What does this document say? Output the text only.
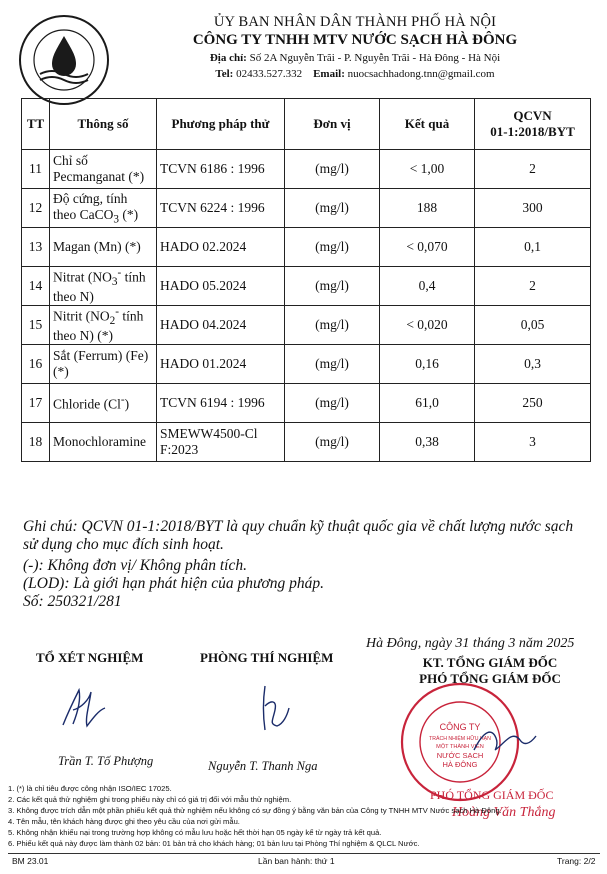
ỦY BAN NHÂN DÂN THÀNH PHỐ HÀ NỘI
CÔNG TY TNHH MTV NƯỚC SẠCH HÀ ĐÔNG
Địa chỉ: Số 2A Nguyễn Trãi - P. Nguyễn Trãi - Hà Đông - Hà Nội
Tel: 02433.527.332 Email: nuocsachhadong.tnn@gmail.com
TT	Thông số	Phương pháp thử	Đơn vị	Kết quả	QCVN
01-1:2018/BYT

11	Chỉ số Pecmanganat (*)	TCVN 6186 : 1996	(mg/l)	< 1,00	2
12	Độ cứng, tính theo CaCO$_3$ (*)	TCVN 6224 : 1996	(mg/l)	188	300
13	Magan (Mn) (*)	HADO 02.2024	(mg/l)	< 0,070	0,1
14	Nitrat ($NO_3^-$ tính theo N)	HADO 05.2024	(mg/l)	0,4	2
15	Nitrit ($NO_2^-$ tính theo N) (*)	HADO 04.2024	(mg/l)	< 0,020	0,05
16	Sắt (Ferrum) (Fe) (*)	HADO 01.2024	(mg/l)	0,16	0,3
17	Chloride (Cl-)	TCVN 6194 : 1996	(mg/l)	61,0	250
18	Monochloramine	SMEWW4500-Cl F:2023	(mg/l)	0,38	3
Ghi chú: QCVN 01-1:2018/BYT là quy chuẩn kỹ thuật quốc gia về chất lượng nước sạch sử dụng cho mục đích sinh hoạt.
(-): Không đơn vị/ Không phân tích.
(LOD): Là giới hạn phát hiện của phương pháp.
Số: 250321/281
Hà Đông, ngày 31 tháng 3 năm 2025
TỔ XÉT NGHIỆM	PHÒNG THÍ NGHIỆM	KT. TỔNG GIÁM ĐỐC
PHÓ TỔNG GIÁM ĐỐC
Trần T. Tố Phượng	Nguyễn T. Thanh Nga
CÔNG TY
TRÁCH NHIỆM HỮU HẠN
MỘT THÀNH VIÊN
NƯỚC SẠCH
HÀ ĐÔNG
PHÓ TỔNG GIÁM ĐỐC
Hoàng Văn Thắng
1. (*) là chỉ tiêu được công nhận ISO/IEC 17025.
2. Các kết quả thử nghiệm ghi trong phiếu này chỉ có giá trị đối với mẫu thử nghiệm.
3. Không được trích dẫn một phần phiếu kết quả thử nghiệm nếu không có sự đồng ý bằng văn bản của Công ty TNHH MTV Nước sạch Hà Đông.
4. Tên mẫu, tên khách hàng được ghi theo yêu cầu của nơi gửi mẫu.
5. Không nhận khiếu nại trong trường hợp không có mẫu lưu hoặc hết thời hạn 05 ngày kể từ ngày trả kết quả.
6. Phiếu kết quả này được làm thành 02 bản: 01 bản trả cho khách hàng; 01 bản lưu tại Phòng Thí nghiệm & QLCL Nước.
BM 23.01	Lần ban hành: thứ 1	Trang: 2/2
